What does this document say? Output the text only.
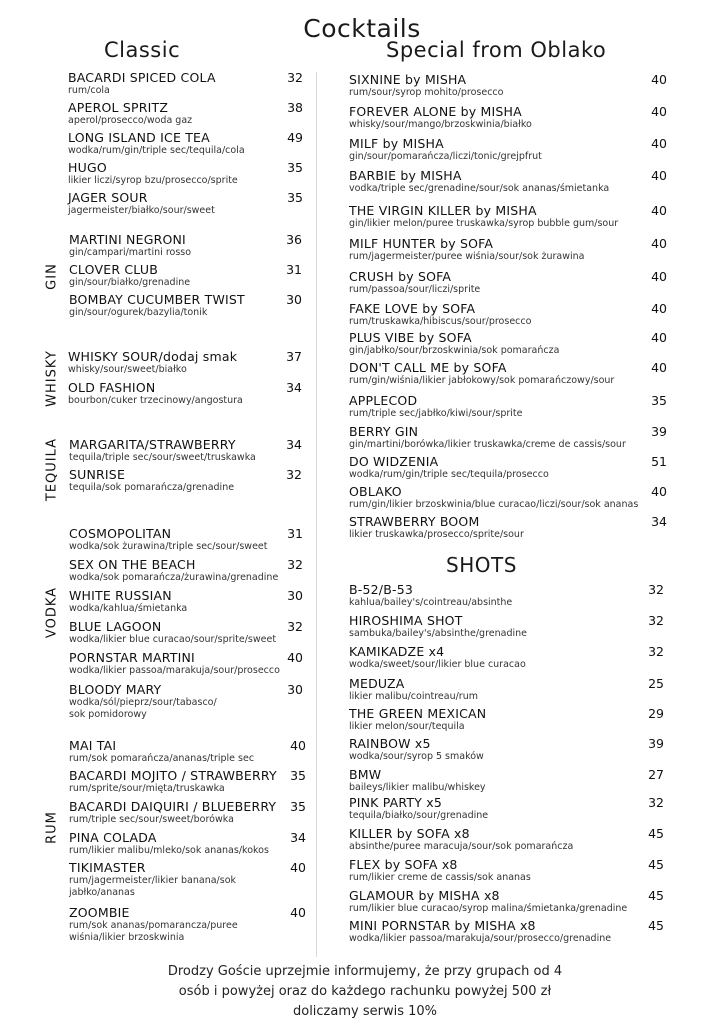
Cocktails
Classic	Special from Oblako
SHOTS
GIN
WHISKY
TEQUILA
VODKA
RUM
BACARDI SPICED COLA
rum/cola
32
APEROL SPRITZ
aperol/prosecco/woda gaz
38
LONG ISLAND ICE TEA
wodka/rum/gin/triple sec/tequila/cola
49
HUGO
likier liczi/syrop bzu/prosecco/sprite
35
JAGER SOUR
jagermeister/białko/sour/sweet
35
MARTINI NEGRONI
gin/campari/martini rosso
36
CLOVER CLUB
gin/sour/białko/grenadine
31
BOMBAY CUCUMBER TWIST
gin/sour/ogurek/bazylia/tonik
30
WHISKY SOUR/dodaj smak
whisky/sour/sweet/białko
37
OLD FASHION
bourbon/cuker trzecinowy/angostura
34
MARGARITA/STRAWBERRY
tequila/triple sec/sour/sweet/truskawka
34
SUNRISE
tequila/sok pomarańcza/grenadine
32
COSMOPOLITAN
wodka/sok żurawina/triple sec/sour/sweet
31
SEX ON THE BEACH
wodka/sok pomarańcza/żurawina/grenadine
32
WHITE RUSSIAN
wodka/kahlua/śmietanka
30
BLUE LAGOON
wodka/likier blue curacao/sour/sprite/sweet
32
PORNSTAR MARTINI
wodka/likier passoa/marakuja/sour/prosecco
40
BLOODY MARY
wodka/sól/pieprz/sour/tabasco/
sok pomidorowy
30
MAI TAI
rum/sok pomarańcza/ananas/triple sec
40
BACARDI MOJITO / STRAWBERRY
rum/sprite/sour/mięta/truskawka
35
BACARDI DAIQUIRI / BLUEBERRY
rum/triple sec/sour/sweet/borówka
35
PINA COLADA
rum/likier malibu/mleko/sok ananas/kokos
34
TIKIMASTER
rum/jagermeister/likier banana/sok
jabłko/ananas
40
ZOOMBIE
rum/sok ananas/pomarancza/puree
wiśnia/likier brzoskwinia
40
SIXNINE by MISHA
rum/sour/syrop mohito/prosecco
40
FOREVER ALONE by MISHA
whisky/sour/mango/brzoskwinia/białko
40
MILF by MISHA
gin/sour/pomarańcza/liczi/tonic/grejpfrut
40
BARBIE by MISHA
vodka/triple sec/grenadine/sour/sok ananas/śmietanka
40
THE VIRGIN KILLER by MISHA
gin/likier melon/puree truskawka/syrop bubble gum/sour
40
MILF HUNTER by SOFA
rum/jagermeister/puree wiśnia/sour/sok żurawina
40
CRUSH by SOFA
rum/passoa/sour/liczi/sprite
40
FAKE LOVE by SOFA
rum/truskawka/hibiscus/sour/prosecco
40
PLUS VIBE by SOFA
gin/jabłko/sour/brzoskwinia/sok pomarańcza
40
DON'T CALL ME by SOFA
rum/gin/wiśnia/likier jabłokowy/sok pomarańczowy/sour
40
APPLECOD
rum/triple sec/jabłko/kiwi/sour/sprite
35
BERRY GIN
gin/martini/borówka/likier truskawka/creme de cassis/sour
39
DO WIDZENIA
wodka/rum/gin/triple sec/tequila/prosecco
51
OBLAKO
rum/gin/likier brzoskwinia/blue curacao/liczi/sour/sok ananas
40
STRAWBERRY BOOM
likier truskawka/prosecco/sprite/sour
34
B-52/B-53
kahlua/bailey's/cointreau/absinthe
32
HIROSHIMA SHOT
sambuka/bailey's/absinthe/grenadine
32
KAMIKADZE x4
wodka/sweet/sour/likier blue curacao
32
MEDUZA
likier malibu/cointreau/rum
25
THE GREEN MEXICAN
likier melon/sour/tequila
29
RAINBOW x5
wodka/sour/syrop 5 smaków
39
BMW
baileys/likier malibu/whiskey
27
PINK PARTY x5
tequila/białko/sour/grenadine
32
KILLER by SOFA x8
absinthe/puree maracuja/sour/sok pomarańcza
45
FLEX by SOFA x8
rum/likier creme de cassis/sok ananas
45
GLAMOUR by MISHA x8
rum/likier blue curacao/syrop malina/śmietanka/grenadine
45
MINI PORNSTAR by MISHA x8
wodka/likier passoa/marakuja/sour/prosecco/grenadine
45
Drodzy Goście uprzejmie informujemy, że przy grupach od 4
osób i powyżej oraz do każdego rachunku powyżej 500 zł
doliczamy serwis 10%
